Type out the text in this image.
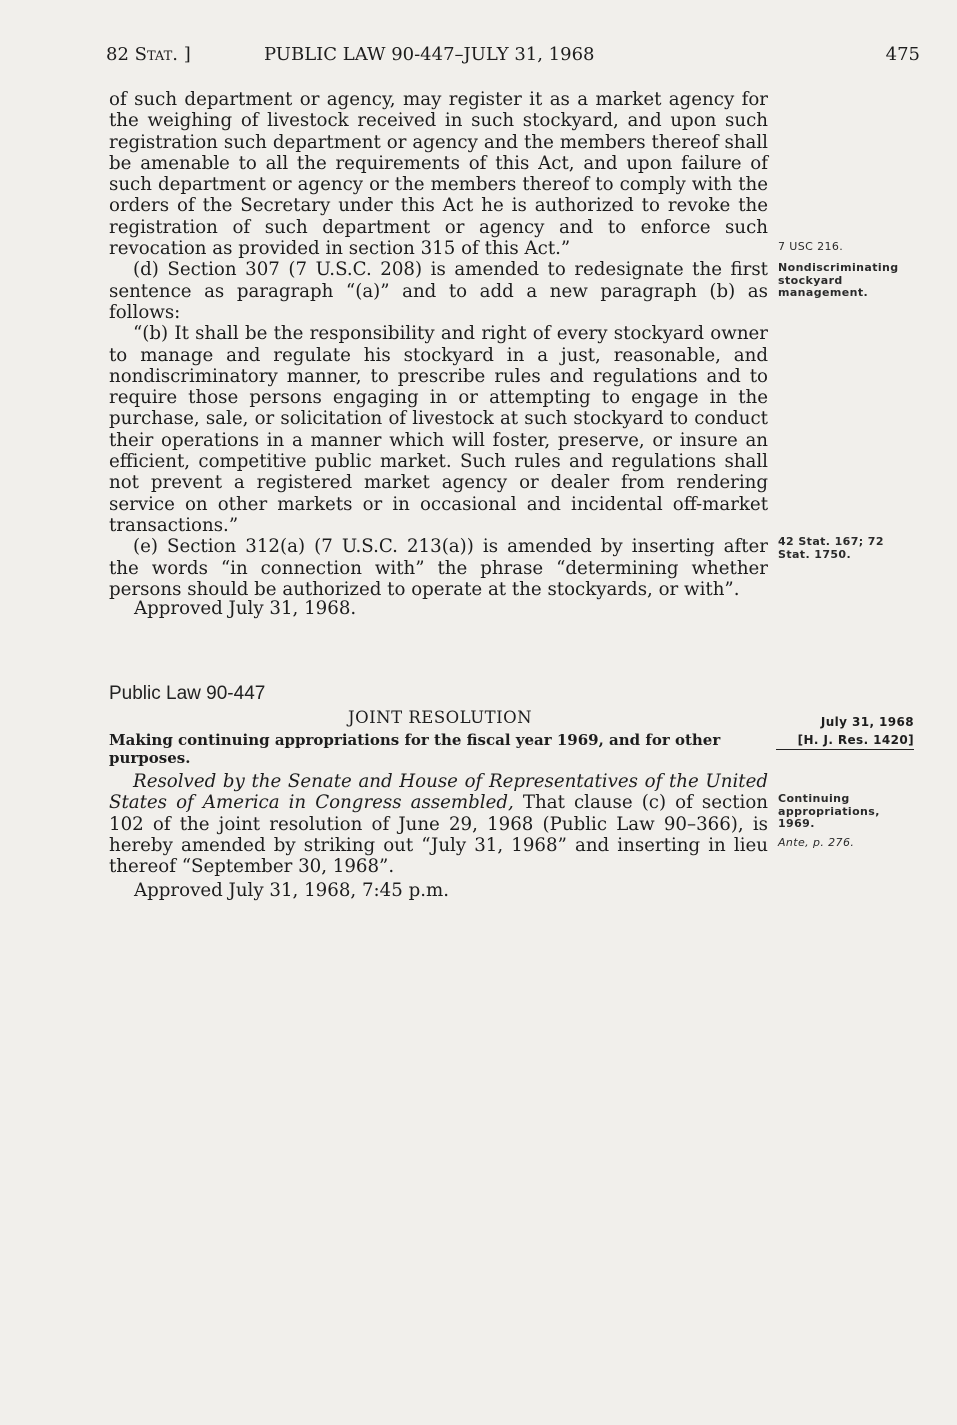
82 Stat. ]	PUBLIC LAW 90-447–JULY 31, 1968	475

of such department or agency, may register it as a market agency for the weighing of livestock received in such stockyard, and upon such registration such department or agency and the members thereof shall be amenable to all the requirements of this Act, and upon failure of such department or agency or the members thereof to comply with the orders of the Secretary under this Act he is authorized to revoke the registration of such department or agency and to enforce such revocation as provided in section 315 of this Act.”

(d) Section 307 (7 U.S.C. 208) is amended to redesignate the first sentence as paragraph “(a)” and to add a new paragraph (b) as follows:

“(b) It shall be the responsibility and right of every stockyard owner to manage and regulate his stockyard in a just, reasonable, and nondiscriminatory manner, to prescribe rules and regulations and to require those persons engaging in or attempting to engage in the purchase, sale, or solicitation of livestock at such stockyard to conduct their operations in a manner which will foster, preserve, or insure an efficient, competitive public market. Such rules and regulations shall not prevent a registered market agency or dealer from rendering service on other markets or in occasional and incidental off-market transactions.”

(e) Section 312(a) (7 U.S.C. 213(a)) is amended by inserting after the words “in connection with” the phrase “determining whether persons should be authorized to operate at the stockyards, or with”.

Approved July 31, 1968.
7 USC 216.
Nondiscriminating stockyard management.
42 Stat. 167; 72 Stat. 1750.
Public Law 90-447
JOINT RESOLUTION
Making continuing appropriations for the fiscal year 1969, and for other purposes.
July 31, 1968
[H. J. Res. 1420]

Resolved by the Senate and House of Representatives of the United States of America in Congress assembled, That clause (c) of section 102 of the joint resolution of June 29, 1968 (Public Law 90–366), is hereby amended by striking out “July 31, 1968” and inserting in lieu thereof “September 30, 1968”.

Approved July 31, 1968, 7:45 p.m.
Continuing appropriations, 1969.
Ante, p. 276.
